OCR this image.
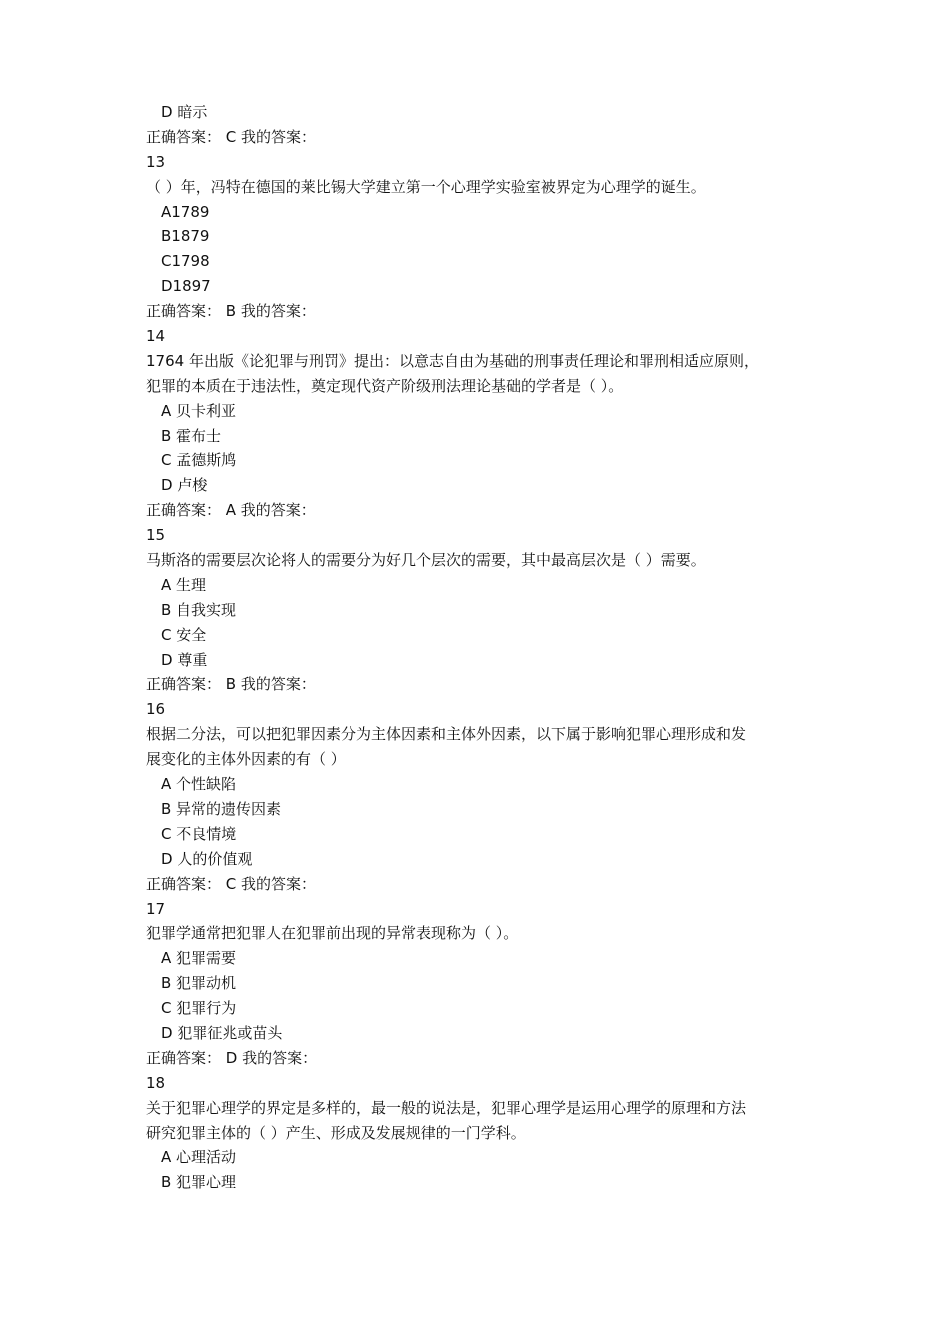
D 暗示
正确答案： C 我的答案：
13
（ ）年，冯特在德国的莱比锡大学建立第一个心理学实验室被界定为心理学的诞生。
A1789
B1879
C1798
D1897
正确答案： B 我的答案：
14
1764 年出版《论犯罪与刑罚》提出：以意志自由为基础的刑事责任理论和罪刑相适应原则，
犯罪的本质在于违法性，奠定现代资产阶级刑法理论基础的学者是（ ）。
A 贝卡利亚
B 霍布士
C 孟德斯鸠
D 卢梭
正确答案： A 我的答案：
15
马斯洛的需要层次论将人的需要分为好几个层次的需要，其中最高层次是（ ）需要。
A 生理
B 自我实现
C 安全
D 尊重
正确答案： B 我的答案：
16
根据二分法，可以把犯罪因素分为主体因素和主体外因素，以下属于影响犯罪心理形成和发
展变化的主体外因素的有（ ）
A 个性缺陷
B 异常的遗传因素
C 不良情境
D 人的价值观
正确答案： C 我的答案：
17
犯罪学通常把犯罪人在犯罪前出现的异常表现称为（ ）。
A 犯罪需要
B 犯罪动机
C 犯罪行为
D 犯罪征兆或苗头
正确答案： D 我的答案：
18
关于犯罪心理学的界定是多样的，最一般的说法是，犯罪心理学是运用心理学的原理和方法
研究犯罪主体的（ ）产生、形成及发展规律的一门学科。
A 心理活动
B 犯罪心理
